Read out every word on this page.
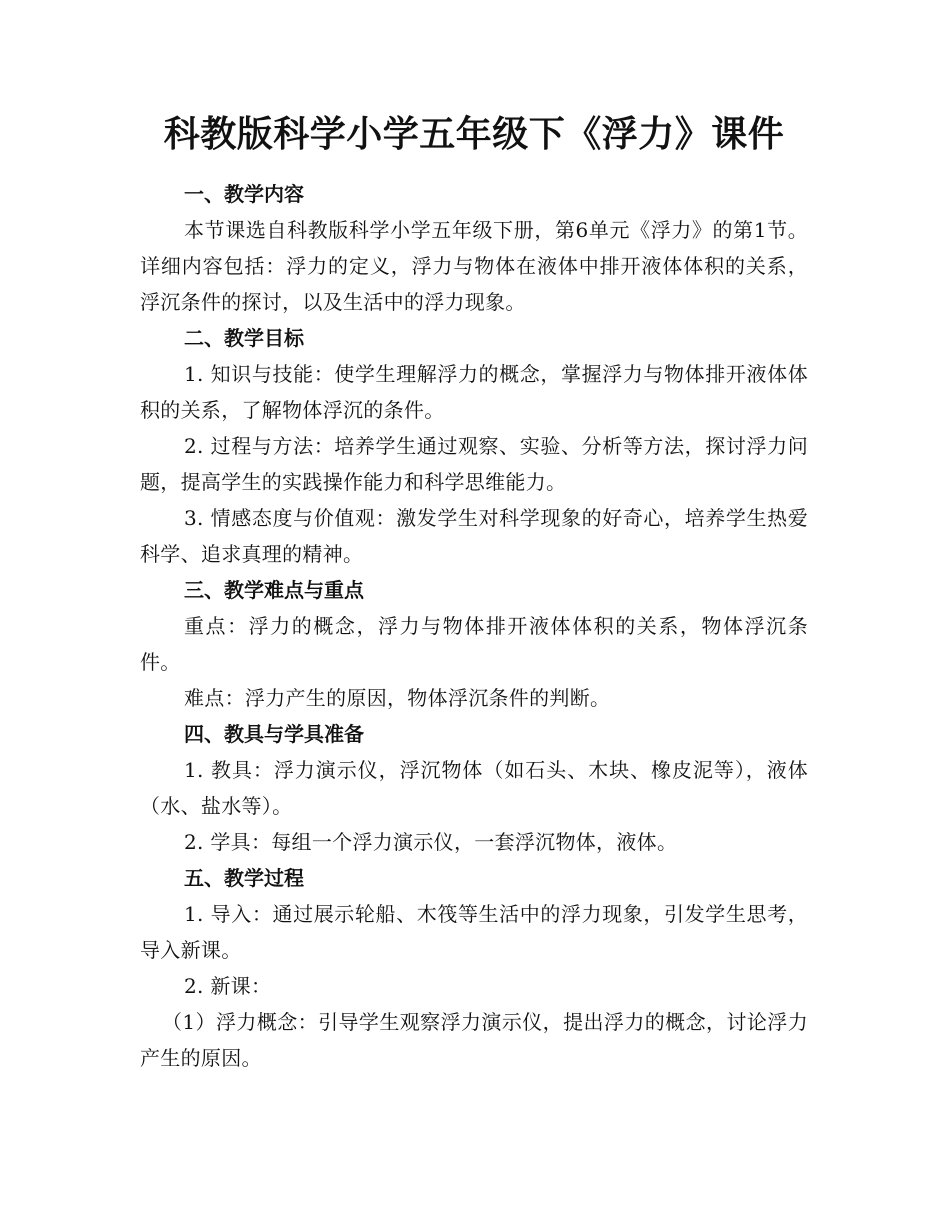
科教版科学小学五年级下《浮力》课件

一、教学内容

本节课选自科教版科学小学五年级下册，第6单元《浮力》的第1节。详细内容包括：浮力的定义，浮力与物体在液体中排开液体体积的关系，浮沉条件的探讨，以及生活中的浮力现象。

二、教学目标

1. 知识与技能：使学生理解浮力的概念，掌握浮力与物体排开液体体积的关系，了解物体浮沉的条件。

2. 过程与方法：培养学生通过观察、实验、分析等方法，探讨浮力问题，提高学生的实践操作能力和科学思维能力。

3. 情感态度与价值观：激发学生对科学现象的好奇心，培养学生热爱科学、追求真理的精神。

三、教学难点与重点

重点：浮力的概念，浮力与物体排开液体体积的关系，物体浮沉条件。

难点：浮力产生的原因，物体浮沉条件的判断。

四、教具与学具准备

1. 教具：浮力演示仪，浮沉物体（如石头、木块、橡皮泥等），液体（水、盐水等）。

2. 学具：每组一个浮力演示仪，一套浮沉物体，液体。

五、教学过程

1. 导入：通过展示轮船、木筏等生活中的浮力现象，引发学生思考，导入新课。

2. 新课：

（1）浮力概念：引导学生观察浮力演示仪，提出浮力的概念，讨论浮力产生的原因。
